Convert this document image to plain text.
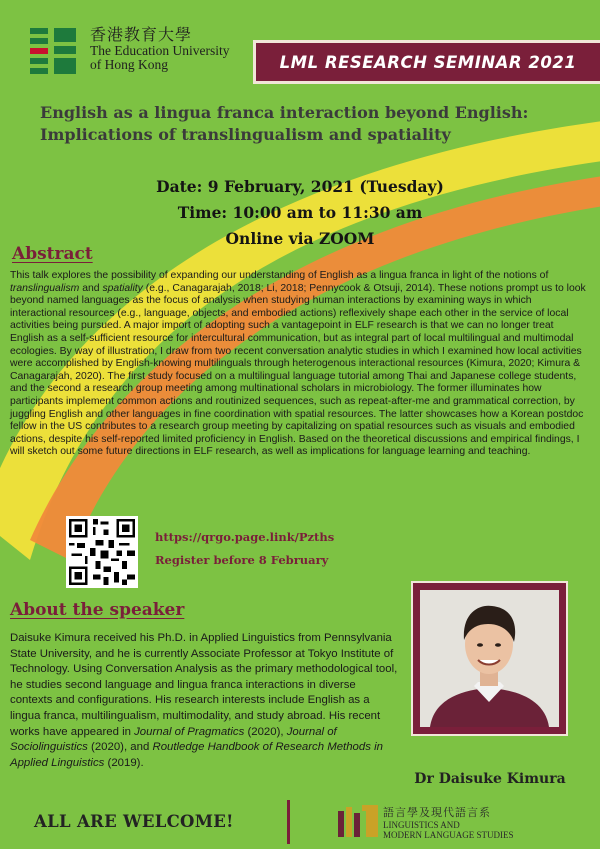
香港教育大學
The Education University
of Hong Kong	LML RESEARCH SEMINAR 2021
English as a lingua franca interaction beyond English:
Implications of translingualism and spatiality
Date: 9 February, 2021 (Tuesday)
Time: 10:00 am to 11:30 am
Online via ZOOM
Abstract
This talk explores the possibility of expanding our understanding of English as a lingua franca in light of the notions of translingualism and spatiality (e.g., Canagarajah, 2018; Li, 2018; Pennycook & Otsuji, 2014). These notions prompt us to look beyond named languages as the focus of analysis when studying human interactions by examining ways in which interactional resources (e.g., language, objects, and embodied actions) reflexively shape each other in the service of local activities being pursued. A major import of adopting such a vantagepoint in ELF research is that we can no longer treat English as a self-sufficient resource for intercultural communication, but as integral part of local multilingual and multimodal ecologies. By way of illustration, I draw from two recent conversation analytic studies in which I examined how local activities were accomplished by English-knowing multilinguals through heterogenous interactional resources (Kimura, 2020; Kimura & Canagarajah, 2020). The first study focused on a multilingual language tutorial among Thai and Japanese college students, and the second a research group meeting among multinational scholars in microbiology. The former illuminates how participants implement common actions and routinized sequences, such as repeat-after-me and grammatical correction, by juggling English and other languages in fine coordination with spatial resources. The latter showcases how a Korean postdoc fellow in the US contributes to a research group meeting by capitalizing on spatial resources such as visuals and embodied actions, despite his self-reported limited proficiency in English. Based on the theoretical discussions and empirical findings, I will sketch out some future directions in ELF research, as well as implications for language learning and teaching.
https://qrgo.page.link/Pzths
Register before 8 February
About the speaker
Daisuke Kimura received his Ph.D. in Applied Linguistics from Pennsylvania State University, and he is currently Associate Professor at Tokyo Institute of Technology. Using Conversation Analysis as the primary methodological tool, he studies second language and lingua franca interactions in diverse contexts and configurations. His research interests include English as a lingua franca, multilingualism, multimodality, and study abroad. His recent works have appeared in Journal of Pragmatics (2020), Journal of Sociolinguistics (2020), and Routledge Handbook of Research Methods in Applied Linguistics (2019).
Dr Daisuke Kimura
ALL ARE WELCOME!	語言學及現代語言系
LINGUISTICS AND
MODERN LANGUAGE STUDIES
